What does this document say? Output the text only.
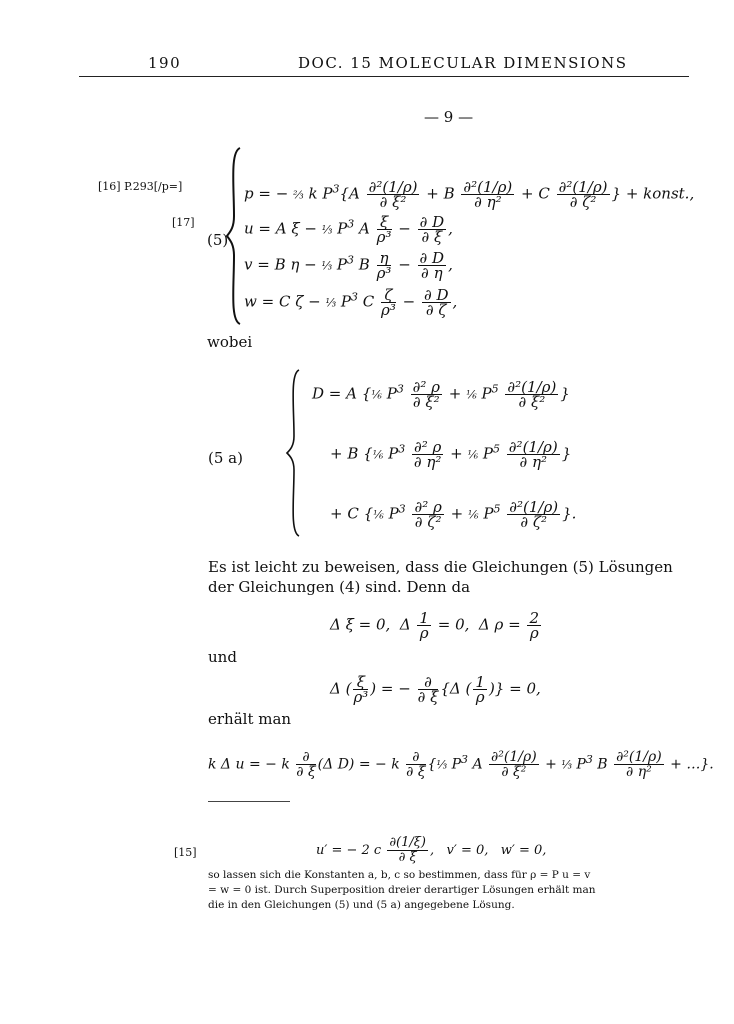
190	DOC. 15 MOLECULAR DIMENSIONS
— 9 —
[16] P.293[/p=]
[17]
(5)
p = − ⅔ k $P^3\{A \frac{\text{∂²(1/ρ)}}{\text{∂ ξ²}} + B \frac{\text{∂²(1/ρ)}}{\text{∂ η²}} + C \frac{\text{∂²(1/ρ)}}{\text{∂ ζ²}}$ } + konst.,
u = A ξ − ⅓ $P^3$ A $\frac{\xi}{\text{ρ³}} - \frac{\partial D}{\partial \xi}$ ,
v = B η − ⅓ $P^3$ B $\frac{\eta}{\text{ρ³}} - \frac{\partial D}{\partial \eta}$ ,
w = C ζ − ⅓ $P^3$ C $\frac{\zeta}{\text{ρ³}} - \frac{\partial D}{\partial \zeta}$ ,
wobei
(5 a)
D = A {⅙ $P^3 \frac{\text{∂² ρ}}{\text{∂ ξ²}}$ + ⅙ $P^5 \frac{\text{∂²(1/ρ)}}{\text{∂ ξ²}}$ }
+ B {⅙ $P^3 \frac{\text{∂² ρ}}{\text{∂ η²}}$ + ⅙ $P^5 \frac{\text{∂²(1/ρ)}}{\text{∂ η²}}$ }
+ C {⅙ $P^3 \frac{\text{∂² ρ}}{\text{∂ ζ²}}$ + ⅙ $P^5 \frac{\text{∂²(1/ρ)}}{\text{∂ ζ²}}$ }.
Es ist leicht zu beweisen, dass die Gleichungen (5) Lösungen
der Gleichungen (4) sind. Denn da
Δ ξ = 0,  Δ $\frac{1}{\rho} = 0$,  Δ $\rho = \frac{2}{\rho}$
und
Δ ( $\frac{\xi}{\text{ρ³}}$ ) = − $\frac{\partial}{\partial \xi} \{\Delta$ ( $\frac{1}{\rho}$ )} = 0,
erhält man
k Δ u = − k $\frac{\partial}{\partial \xi} (\Delta$ D) = − k $\frac{\partial}{\partial \xi}$ {⅓ $P^3$ A $\frac{\text{∂²(1/ρ)}}{\text{∂ ξ²}}$ + ⅓ $P^3$ B $\frac{\text{∂²(1/ρ)}}{\text{∂ η²}}$ + …}.
[15]	u′ = − 2 c $\frac{\partial(1/\xi)}{\partial \xi}$ ,   v′ = 0,   w′ = 0,
so lassen sich die Konstanten a, b, c so bestimmen, dass für ρ = P u = v
= w = 0 ist. Durch Superposition dreier derartiger Lösungen erhält man
die in den Gleichungen (5) und (5 a) angegebene Lösung.
